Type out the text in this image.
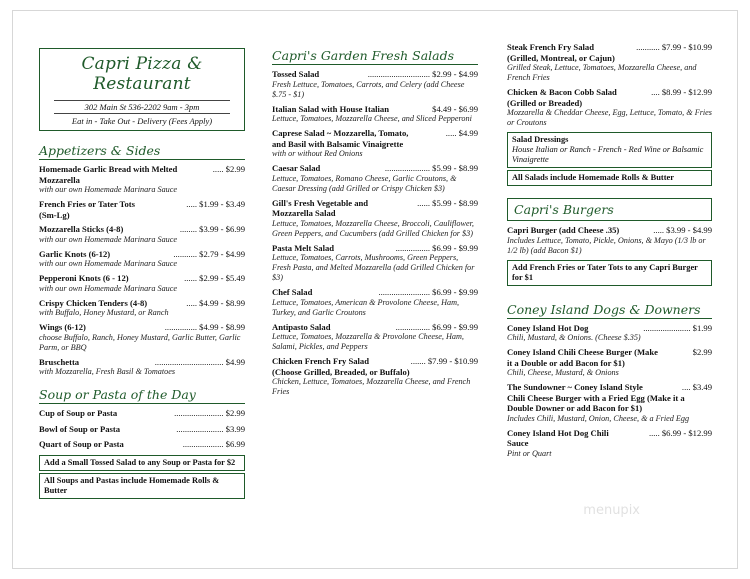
Capri Pizza & Restaurant
302 Main St 536-2202 9am - 3pm
Eat in - Take Out - Delivery (Fees Apply)
Appetizers & Sides
Homemade Garlic Bread with Melted	..... $2.99
Mozzarella
with our own Homemade Marinara Sauce
French Fries or Tater Tots	..... $1.99 - $3.49
(Sm-Lg)
Mozzarella Sticks (4-8)	........ $3.99 - $6.99
with our own Homemade Marinara Sauce
Garlic Knots (6-12)	........... $2.79 - $4.99
with our own Homemade Marinara Sauce
Pepperoni Knots (6 - 12)	...... $2.99 - $5.49
with our own Homemade Marinara Sauce
Crispy Chicken Tenders (4-8)	..... $4.99 - $8.99
with Buffalo, Honey Mustard, or Ranch
Wings (6-12)	............... $4.99 - $8.99
choose Buffalo, Ranch, Honey Mustard, Garlic Butter, Garlic Parm, or BBQ
Bruschetta	................................ $4.99
with Mozzarella, Fresh Basil & Tomatoes
Soup or Pasta of the Day
Cup of Soup or Pasta	....................... $2.99
Bowl of Soup or Pasta	...................... $3.99
Quart of Soup or Pasta	................... $6.99
Add a Small Tossed Salad to any Soup or Pasta for $2
All Soups and Pastas include Homemade Rolls & Butter
Capri's Garden Fresh Salads
Tossed Salad	............................. $2.99 - $4.99
Fresh Lettuce, Tomatoes, Carrots, and Celery (add Cheese $.75 - $1)
Italian Salad with House Italian	$4.49 - $6.99
Lettuce, Tomatoes, Mozzarella Cheese, and Sliced Pepperoni
Caprese Salad ~ Mozzarella, Tomato,	..... $4.99
and Basil with Balsamic Vinaigrette
with or without Red Onions
Caesar Salad	..................... $5.99 - $8.99
Lettuce, Tomatoes, Romano Cheese, Garlic Croutons, & Caesar Dressing (add Grilled or Crispy Chicken $3)
Gill's Fresh Vegetable and	...... $5.99 - $8.99
Mozzarella Salad
Lettuce, Tomatoes, Mozzarella Cheese, Broccoli, Cauliflower, Green Peppers, and Cucumbers (add Grilled Chicken for $3)
Pasta Melt Salad	................ $6.99 - $9.99
Lettuce, Tomatoes, Carrots, Mushrooms, Green Peppers, Fresh Pasta, and Melted Mozzarella (add Grilled Chicken for $3)
Chef Salad	........................ $6.99 - $9.99
Lettuce, Tomatoes, American & Provolone Cheese, Ham, Turkey, and Garlic Croutons
Antipasto Salad	................ $6.99 - $9.99
Lettuce, Tomatoes, Mozzarella & Provolone Cheese, Ham, Salami, Pickles, and Peppers
Chicken French Fry Salad	....... $7.99 - $10.99
(Choose Grilled, Breaded, or Buffalo)
Chicken, Lettuce, Tomatoes, Mozzarella Cheese, and French Fries
Steak French Fry Salad	........... $7.99 - $10.99
(Grilled, Montreal, or Cajun)
Grilled Steak, Lettuce, Tomatoes, Mozzarella Cheese, and French Fries
Chicken & Bacon Cobb Salad	.... $8.99 - $12.99
(Grilled or Breaded)
Mozzarella & Cheddar Cheese, Egg, Lettuce, Tomato, & Fries or Croutons
Salad Dressings
House Italian or Ranch - French - Red Wine or Balsamic Vinaigrette
All Salads include Homemade Rolls & Butter
Capri's Burgers
Capri Burger (add Cheese .35)	..... $3.99 - $4.99
Includes Lettuce, Tomato, Pickle, Onions, & Mayo (1/3 lb or 1/2 lb) (add Bacon $1)
Add French Fries or Tater Tots to any Capri Burger for $1
Coney Island Dogs & Downers
Coney Island Hot Dog	...................... $1.99
Chili, Mustard, & Onions. (Cheese $.35)
Coney Island Chili Cheese Burger (Make	$2.99
it a Double or add Bacon for $1)
Chili, Cheese, Mustard, & Onions
The Sundowner ~ Coney Island Style	.... $3.49
Chili Cheese Burger with a Fried Egg (Make it a Double Downer or add Bacon for $1)
Includes Chili, Mustard, Onion, Cheese, & a Fried Egg
Coney Island Hot Dog Chili	..... $6.99 - $12.99
Sauce
Pint or Quart
menupix
